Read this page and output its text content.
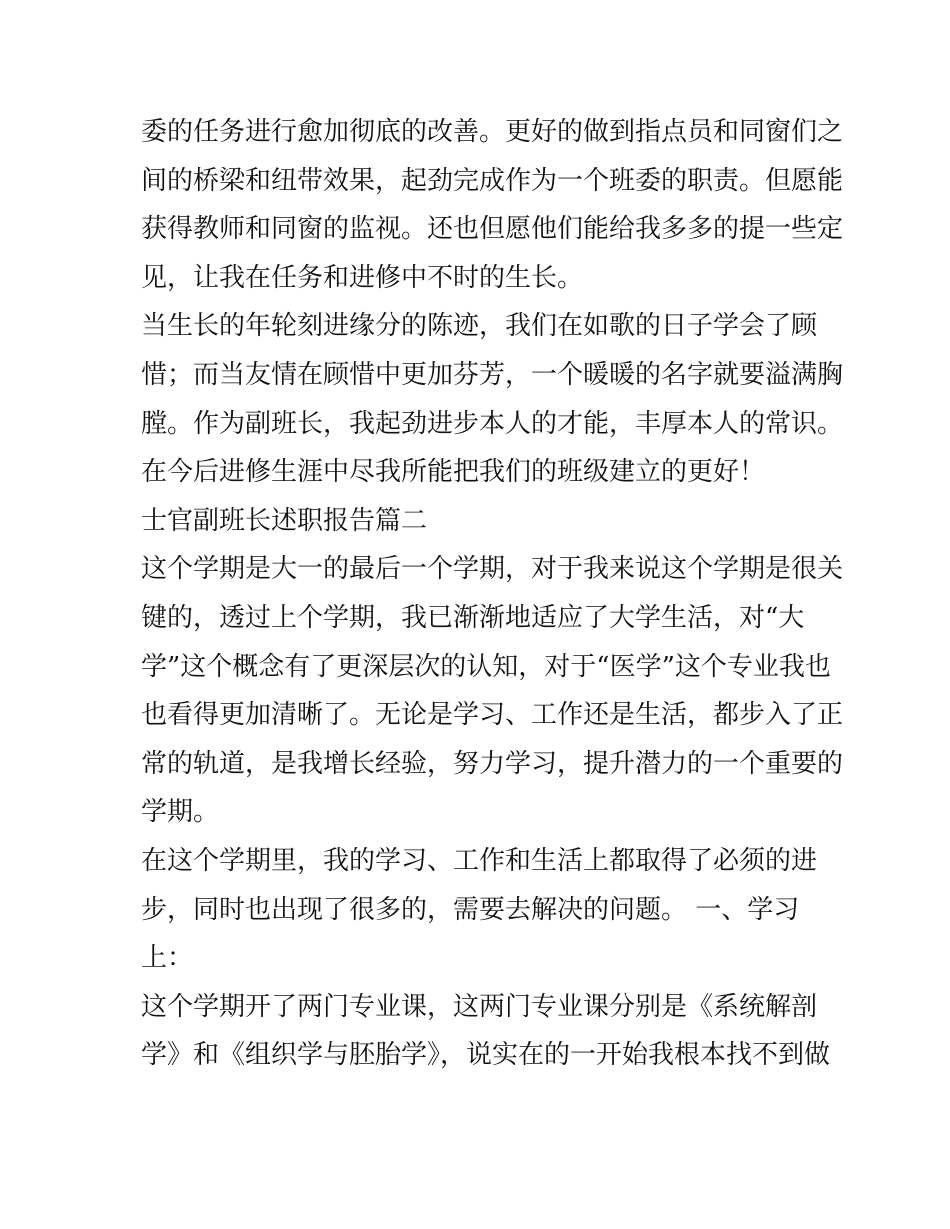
委的任务进行愈加彻底的改善。更好的做到指点员和同窗们之
间的桥梁和纽带效果，起劲完成作为一个班委的职责。但愿能
获得教师和同窗的监视。还也但愿他们能给我多多的提一些定
见，让我在任务和进修中不时的生长。
当生长的年轮刻进缘分的陈迹，我们在如歌的日子学会了顾
惜；而当友情在顾惜中更加芬芳，一个暖暖的名字就要溢满胸
膛。作为副班长，我起劲进步本人的才能，丰厚本人的常识。
在今后进修生涯中尽我所能把我们的班级建立的更好！
士官副班长述职报告篇二
这个学期是大一的最后一个学期，对于我来说这个学期是很关
键的，透过上个学期，我已渐渐地适应了大学生活，对“大
学”这个概念有了更深层次的认知，对于“医学”这个专业我也
也看得更加清晰了。无论是学习、工作还是生活，都步入了正
常的轨道，是我增长经验，努力学习，提升潜力的一个重要的
学期。
在这个学期里，我的学习、工作和生活上都取得了必须的进
步，同时也出现了很多的，需要去解决的问题。 一、学习
上：
这个学期开了两门专业课，这两门专业课分别是《系统解剖
学》和《组织学与胚胎学》，说实在的一开始我根本找不到做
